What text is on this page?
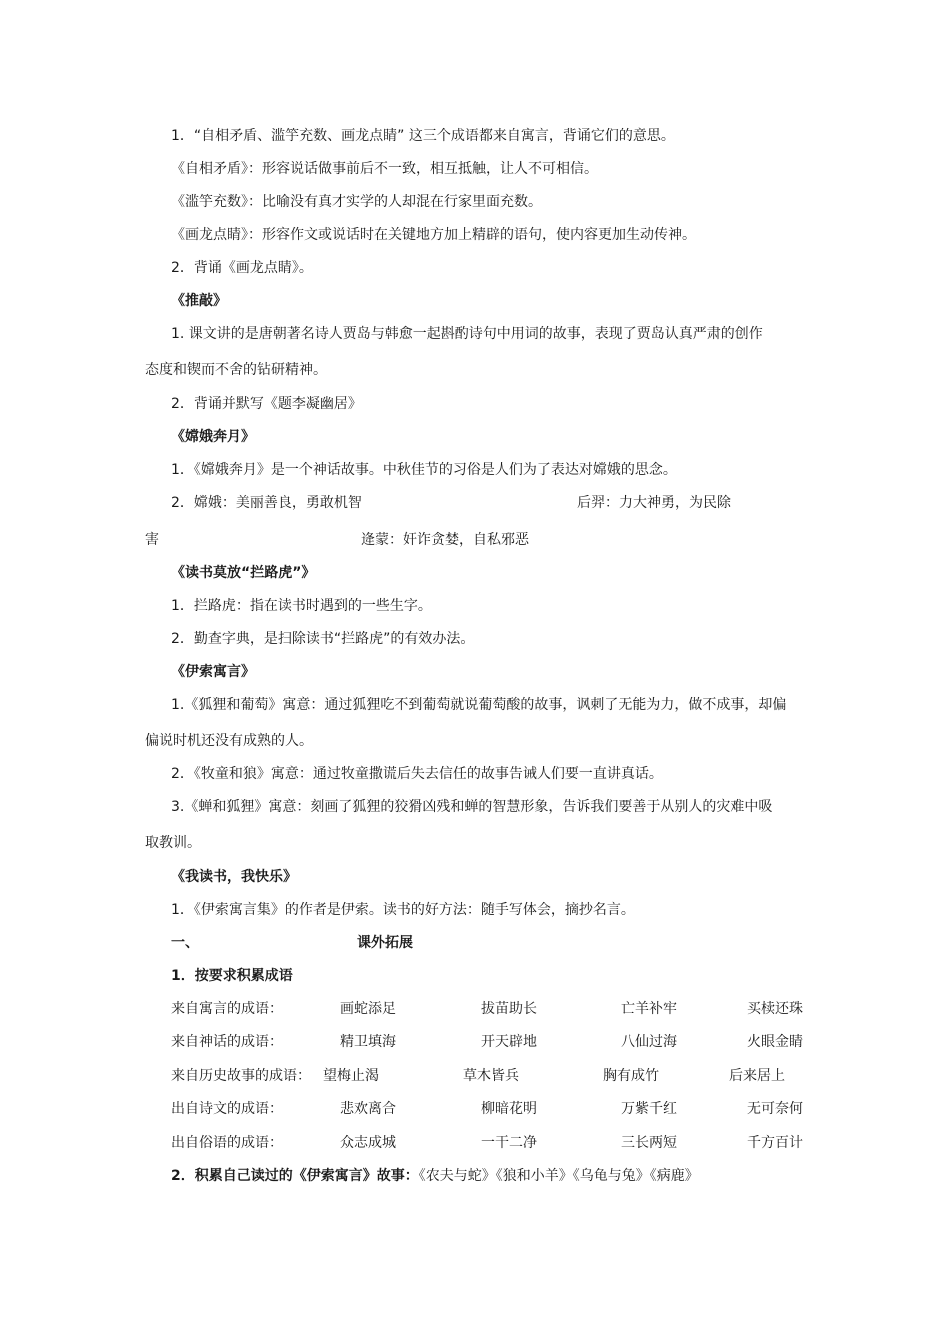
1．“自相矛盾、滥竽充数、画龙点睛” 这三个成语都来自寓言，背诵它们的意思。
《自相矛盾》：形容说话做事前后不一致，相互抵触，让人不可相信。
《滥竽充数》：比喻没有真才实学的人却混在行家里面充数。
《画龙点睛》：形容作文或说话时在关键地方加上精辟的语句，使内容更加生动传神。
2．背诵《画龙点睛》。
《推敲》
1. 课文讲的是唐朝著名诗人贾岛与韩愈一起斟酌诗句中用词的故事，表现了贾岛认真严肃的创作
态度和锲而不舍的钻研精神。
2．背诵并默写《题李凝幽居》
《嫦娥奔月》
1．《嫦娥奔月》是一个神话故事。中秋佳节的习俗是人们为了表达对嫦娥的思念。
2．嫦娥：美丽善良，勇敢机智	后羿：力大神勇，为民除
害	逄蒙：奸诈贪婪，自私邪恶
《读书莫放“拦路虎”》
1．拦路虎：指在读书时遇到的一些生字。
2．勤查字典，是扫除读书“拦路虎”的有效办法。
《伊索寓言》
1.《狐狸和葡萄》寓意：通过狐狸吃不到葡萄就说葡萄酸的故事，讽刺了无能为力，做不成事，却偏
偏说时机还没有成熟的人。
2．《牧童和狼》寓意：通过牧童撒谎后失去信任的故事告诫人们要一直讲真话。
3.《蝉和狐狸》寓意：刻画了狐狸的狡猾凶残和蝉的智慧形象，告诉我们要善于从别人的灾难中吸
取教训。
《我读书，我快乐》
1．《伊索寓言集》的作者是伊索。读书的好方法：随手写体会，摘抄名言。
一、	课外拓展
1．按要求积累成语
来自寓言的成语：	画蛇添足	拔苗助长	亡羊补牢	买椟还珠
来自神话的成语：	精卫填海	开天辟地	八仙过海	火眼金睛
来自历史故事的成语： 望梅止渴	草木皆兵	胸有成竹	后来居上
出自诗文的成语：	悲欢离合	柳暗花明	万紫千红	无可奈何
出自俗语的成语：	众志成城	一干二净	三长两短	千方百计
2．积累自己读过的《伊索寓言》故事：《农夫与蛇》《狼和小羊》《乌龟与兔》《病鹿》
